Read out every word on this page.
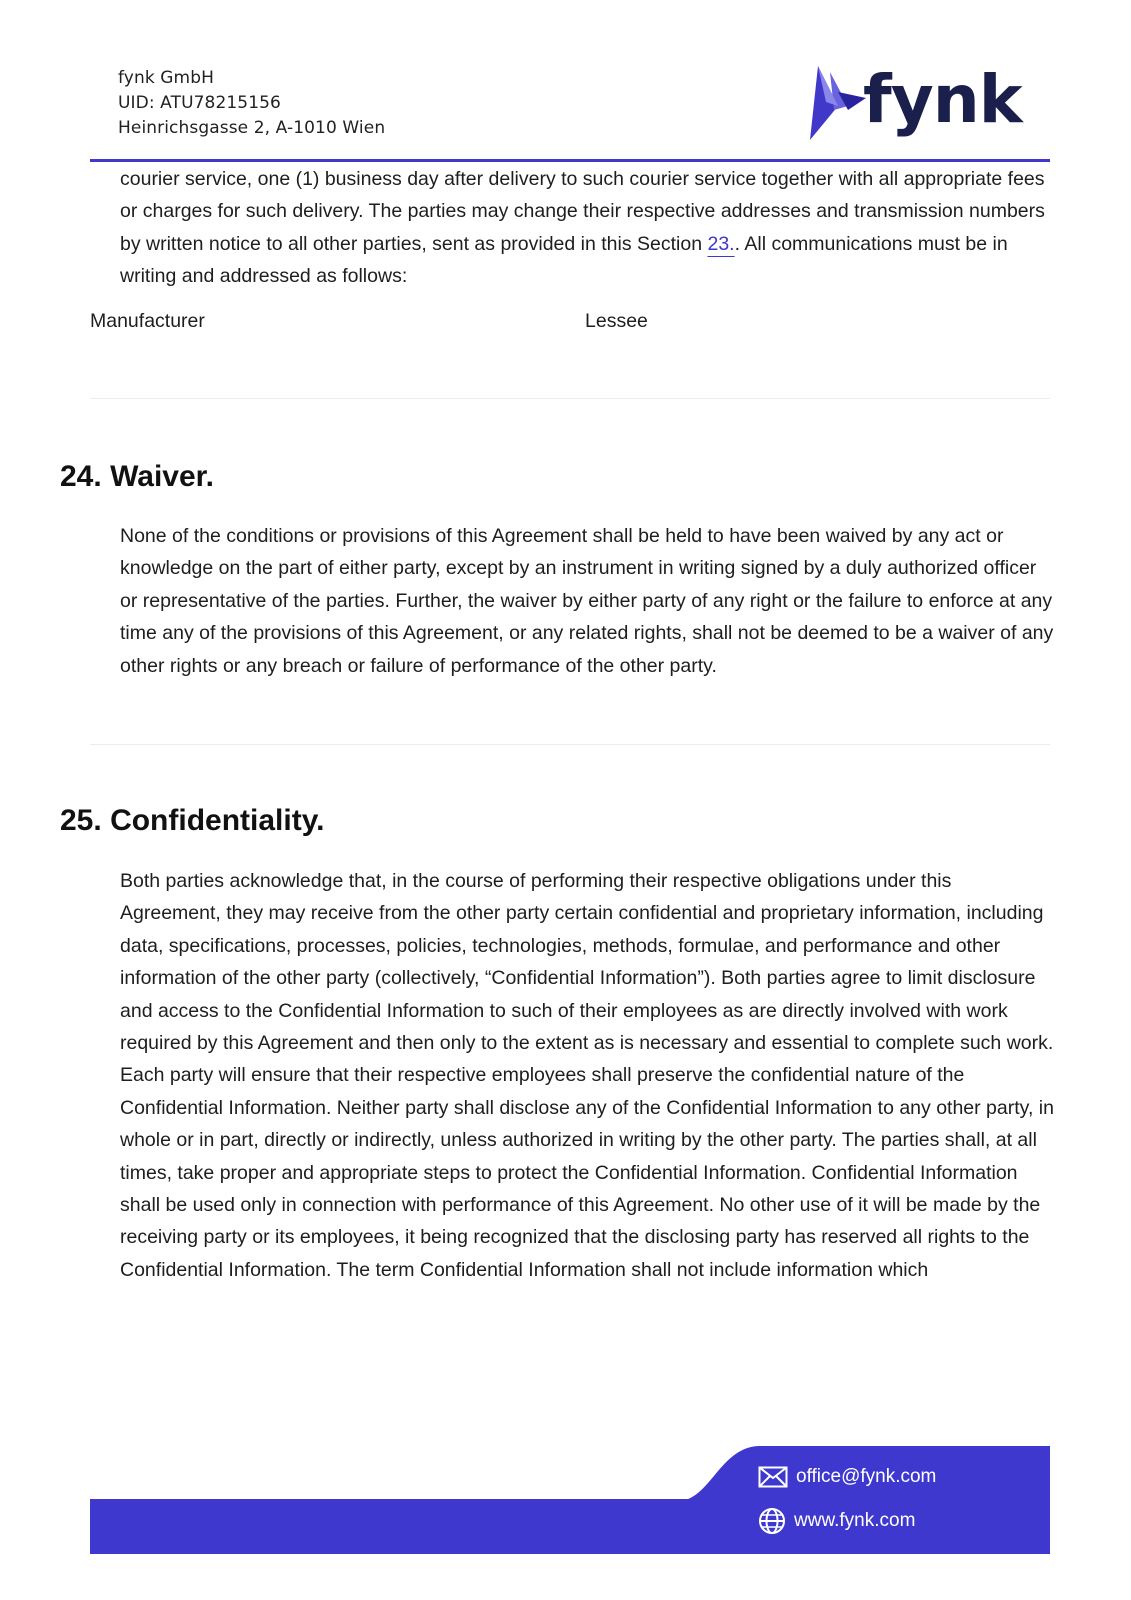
fynk GmbH
UID: ATU78215156
Heinrichsgasse 2, A-1010 Wien	fynk

courier service, one (1) business day after delivery to such courier service together with all appropriate fees or charges for such delivery. The parties may change their respective addresses and transmission numbers by written notice to all other parties, sent as provided in this Section 23.. All communications must be in writing and addressed as follows:

Manufacturer	Lessee
24. Waiver.

None of the conditions or provisions of this Agreement shall be held to have been waived by any act or knowledge on the part of either party, except by an instrument in writing signed by a duly authorized officer or representative of the parties. Further, the waiver by either party of any right or the failure to enforce at any time any of the provisions of this Agreement, or any related rights, shall not be deemed to be a waiver of any other rights or any breach or failure of performance of the other party.

25. Confidentiality.

Both parties acknowledge that, in the course of performing their respective obligations under this Agreement, they may receive from the other party certain confidential and proprietary information, including data, specifications, processes, policies, technologies, methods, formulae, and performance and other information of the other party (collectively, “Confidential Information”). Both parties agree to limit disclosure and access to the Confidential Information to such of their employees as are directly involved with work required by this Agreement and then only to the extent as is necessary and essential to complete such work. Each party will ensure that their respective employees shall preserve the confidential nature of the Confidential Information. Neither party shall disclose any of the Confidential Information to any other party, in whole or in part, directly or indirectly, unless authorized in writing by the other party. The parties shall, at all times, take proper and appropriate steps to protect the Confidential Information. Confidential Information shall be used only in connection with performance of this Agreement. No other use of it will be made by the receiving party or its employees, it being recognized that the disclosing party has reserved all rights to the Confidential Information. The term Confidential Information shall not include information which

office@fynk.com
www.fynk.com
